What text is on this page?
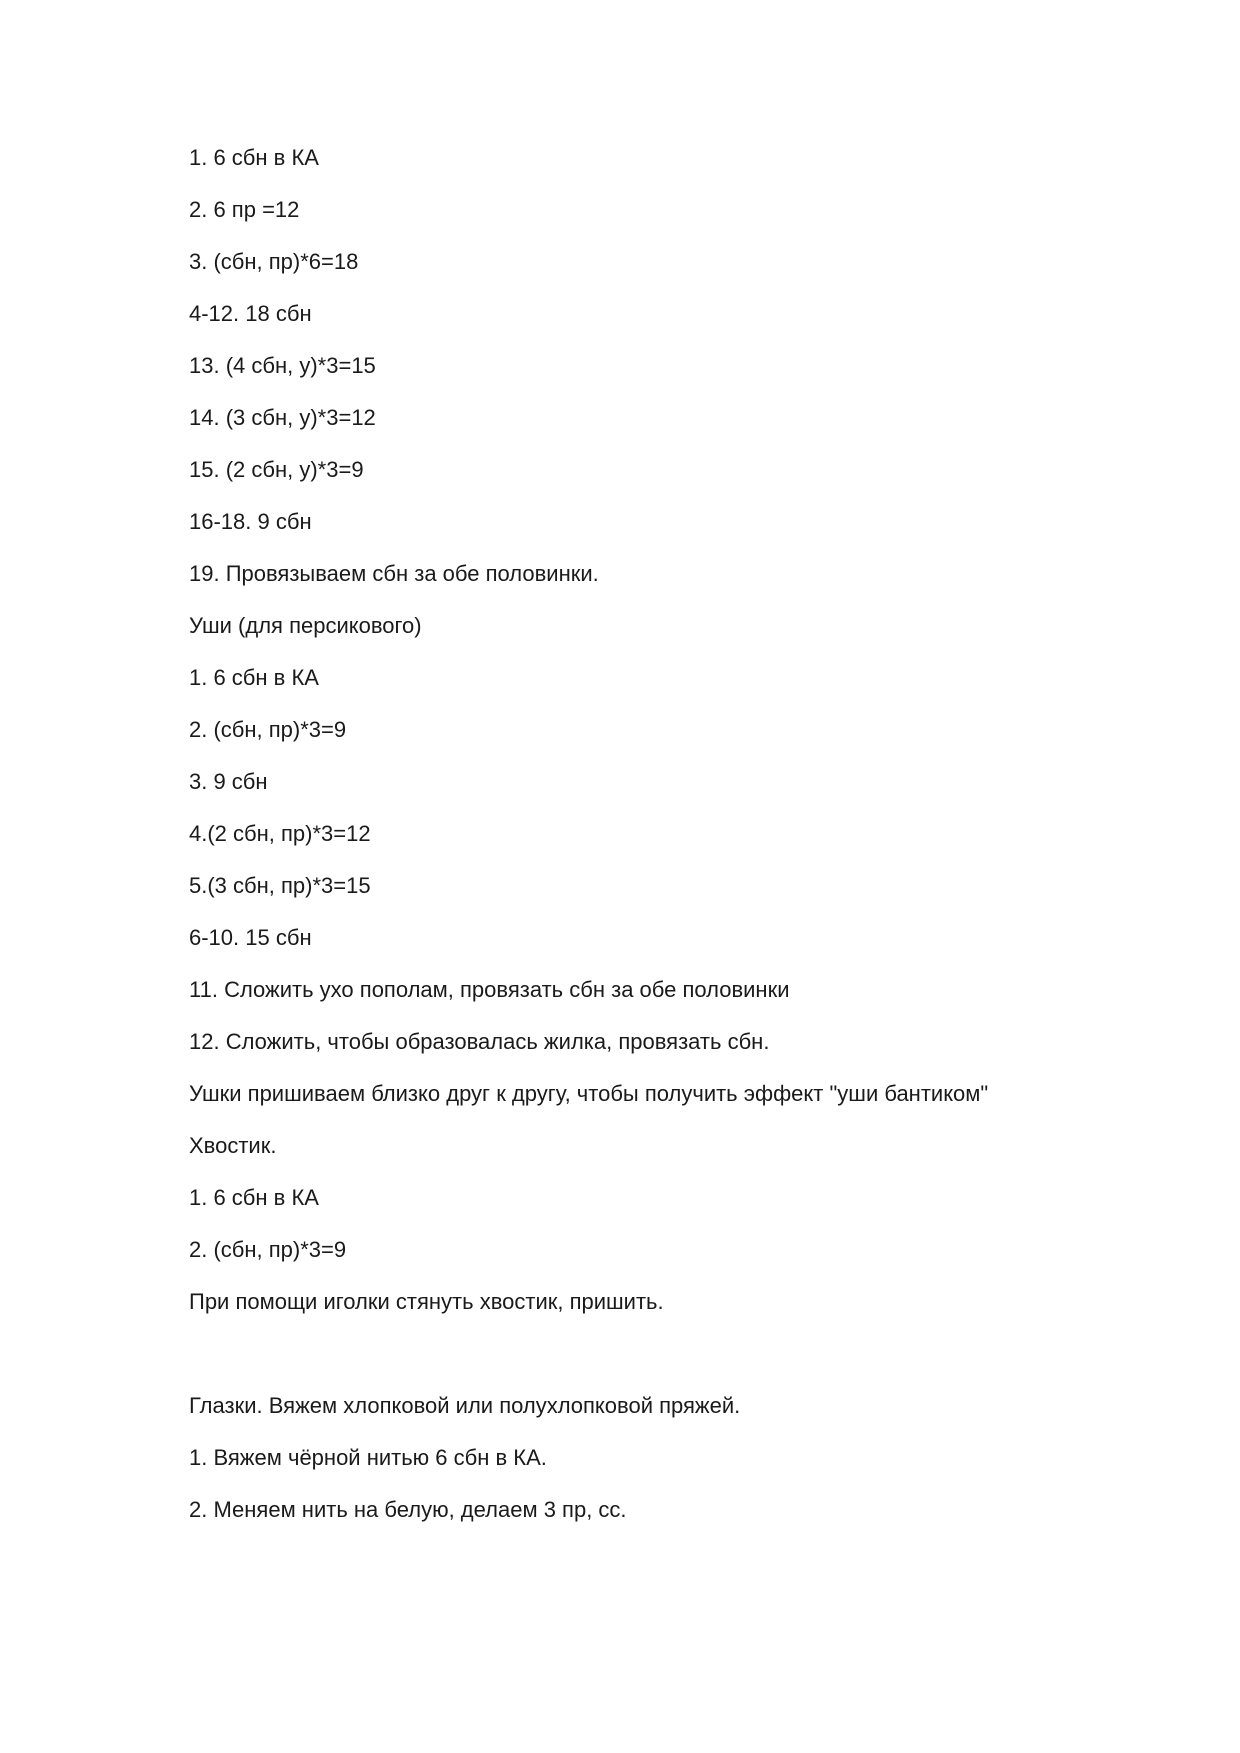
1. 6 сбн в КА
2. 6 пр =12
3. (сбн, пр)*6=18
4-12. 18 сбн
13. (4 сбн, у)*3=15
14. (3 сбн, у)*3=12
15. (2 сбн, у)*3=9
16-18. 9 сбн
19. Провязываем сбн за обе половинки.
Уши (для персикового)
1. 6 сбн в КА
2. (сбн, пр)*3=9
3. 9 сбн
4.(2 сбн, пр)*3=12
5.(3 сбн, пр)*3=15
6-10. 15 сбн
11. Сложить ухо пополам, провязать сбн за обе половинки
12. Сложить, чтобы образовалась жилка, провязать сбн.
Ушки пришиваем близко друг к другу, чтобы получить эффект "уши бантиком"
Хвостик.
1. 6 сбн в КА
2. (сбн, пр)*3=9
При помощи иголки стянуть хвостик, пришить.
Глазки. Вяжем хлопковой или полухлопковой пряжей.
1. Вяжем чёрной нитью 6 сбн в КА.
2. Меняем нить на белую, делаем 3 пр, сс.
